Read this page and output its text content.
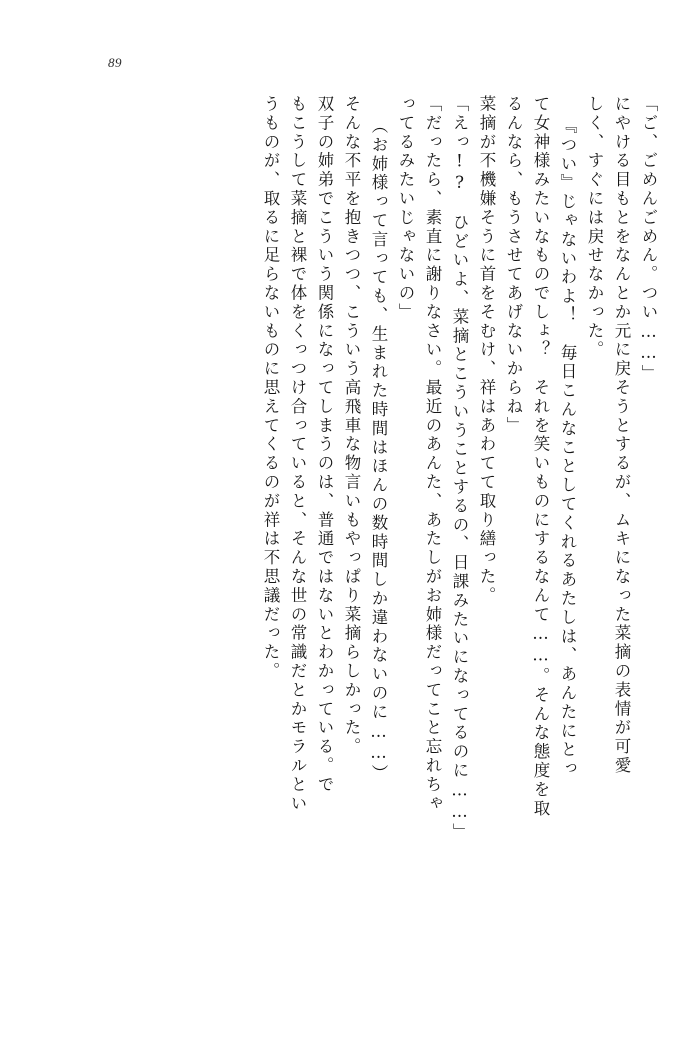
89
「ご、ごめんごめん。つい……」
にやける目もとをなんとか元に戻そうとするが、ムキになった菜摘の表情が可愛
しく、すぐには戻せなかった。
『つい』じゃないわよ！　毎日こんなことしてくれるあたしは、あんたにとっ
て女神様みたいなものでしょ？　それを笑いものにするなんて……。そんな態度を取
るんなら、もうさせてあげないからね」
菜摘が不機嫌そうに首をそむけ、祥はあわてて取り繕った。
「えっ!?　ひどいよ、菜摘とこういうことするの、日課みたいになってるのに……」
「だったら、素直に謝りなさい。最近のあんた、あたしがお姉様だってこと忘れちゃ
ってるみたいじゃないの」
（お姉様って言っても、生まれた時間はほんの数時間しか違わないのに……）
そんな不平を抱きつつ、こういう高飛車な物言いもやっぱり菜摘らしかった。
双子の姉弟でこういう関係になってしまうのは、普通ではないとわかっている。で
もこうして菜摘と裸で体をくっつけ合っていると、そんな世の常識だとかモラルとい
うものが、取るに足らないものに思えてくるのが祥は不思議だった。
